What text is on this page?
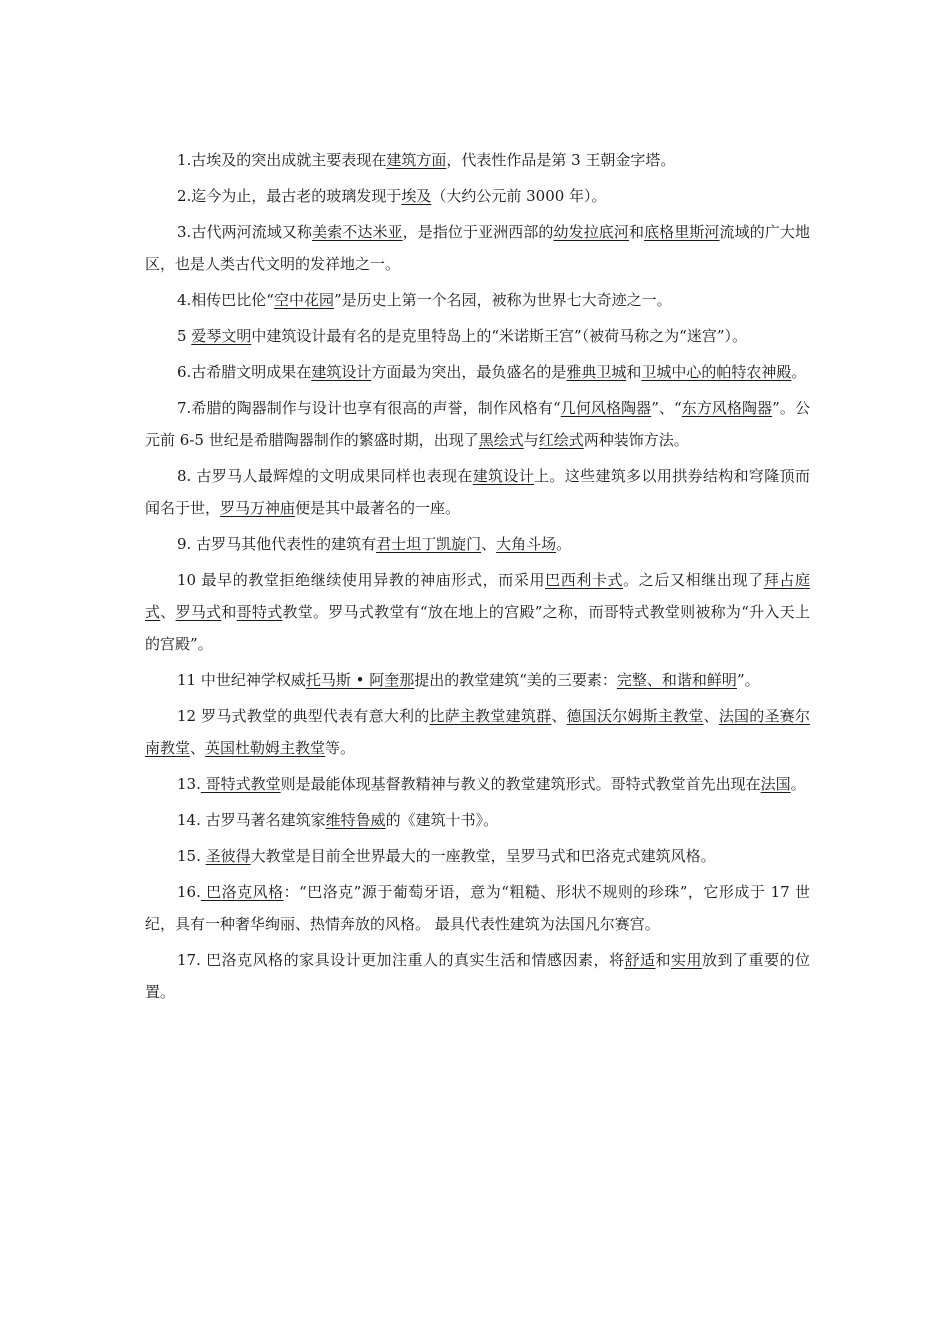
1.古埃及的突出成就主要表现在建筑方面，代表性作品是第 3 王朝金字塔。

2.迄今为止，最古老的玻璃发现于埃及（大约公元前 3000 年）。

3.古代两河流域又称美索不达米亚，是指位于亚洲西部的幼发拉底河和底格里斯河流域的广大地区，也是人类古代文明的发祥地之一。

4.相传巴比伦“空中花园”是历史上第一个名园，被称为世界七大奇迹之一。

5 爱琴文明中建筑设计最有名的是克里特岛上的“米诺斯王宫”（被荷马称之为“迷宫”）。

6.古希腊文明成果在建筑设计方面最为突出，最负盛名的是雅典卫城和卫城中心的帕特农神殿。

7.希腊的陶器制作与设计也享有很高的声誉，制作风格有“几何风格陶器”、“东方风格陶器”。公元前 6-5 世纪是希腊陶器制作的繁盛时期，出现了黑绘式与红绘式两种装饰方法。

8. 古罗马人最辉煌的文明成果同样也表现在建筑设计上。这些建筑多以用拱券结构和穹隆顶而闻名于世，罗马万神庙便是其中最著名的一座。

9. 古罗马其他代表性的建筑有君士坦丁凯旋门、大角斗场。

10 最早的教堂拒绝继续使用异教的神庙形式，而采用巴西利卡式。之后又相继出现了拜占庭式、罗马式和哥特式教堂。罗马式教堂有“放在地上的宫殿”之称，而哥特式教堂则被称为“升入天上的宫殿”。

11 中世纪神学权威托马斯 • 阿奎那提出的教堂建筑“美的三要素：完整、和谐和鲜明”。

12 罗马式教堂的典型代表有意大利的比萨主教堂建筑群、德国沃尔姆斯主教堂、法国的圣赛尔南教堂、英国杜勒姆主教堂等。

13. 哥特式教堂则是最能体现基督教精神与教义的教堂建筑形式。哥特式教堂首先出现在法国。

14. 古罗马著名建筑家维特鲁威的《建筑十书》。

15. 圣彼得大教堂是目前全世界最大的一座教堂，呈罗马式和巴洛克式建筑风格。

16. 巴洛克风格：“巴洛克”源于葡萄牙语，意为“粗糙、形状不规则的珍珠”，它形成于 17 世纪，具有一种奢华绚丽、热情奔放的风格。 最具代表性建筑为法国凡尔赛宫。

17. 巴洛克风格的家具设计更加注重人的真实生活和情感因素，将舒适和实用放到了重要的位置。
